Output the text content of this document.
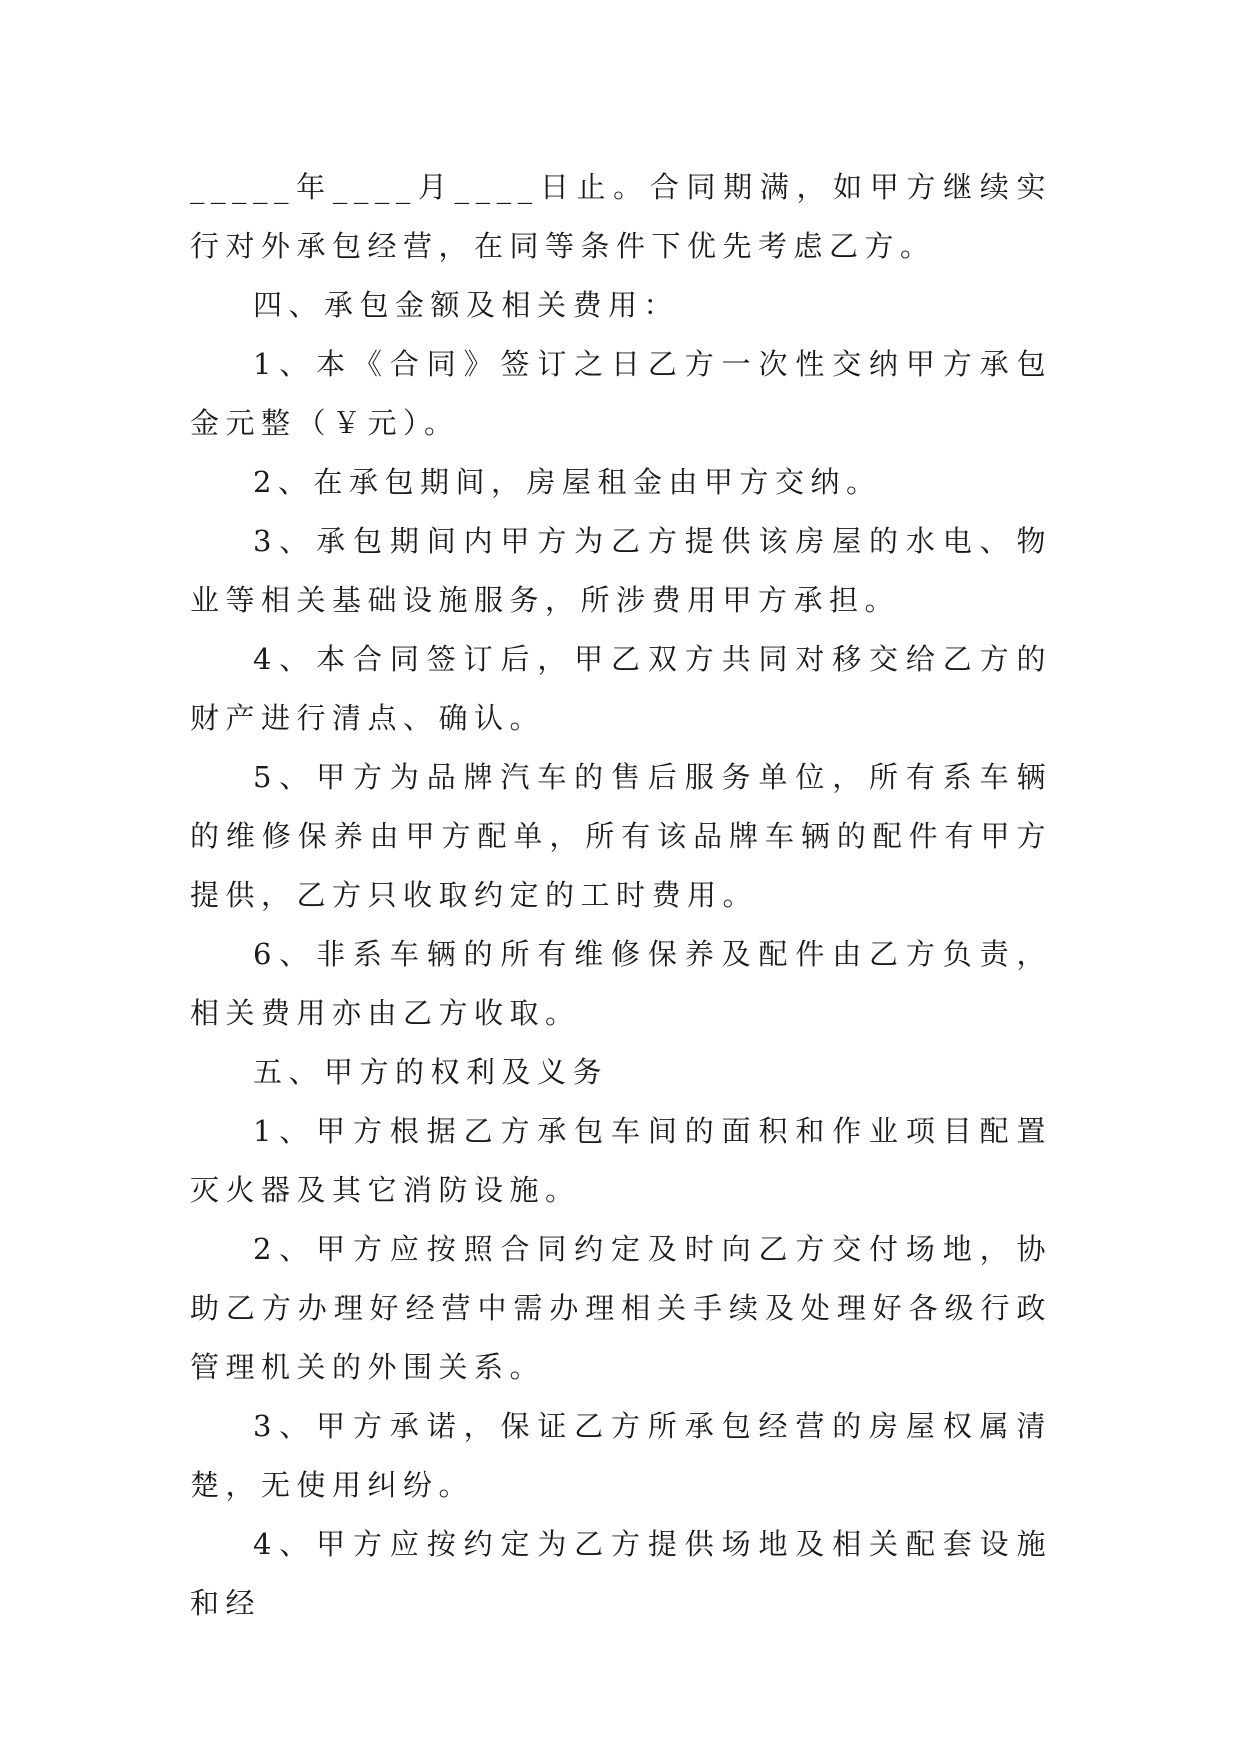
_____年____月____日止。合同期满，如甲方继续实行对外承包经营，在同等条件下优先考虑乙方。

四、承包金额及相关费用：

1、本《合同》签订之日乙方一次性交纳甲方承包金元整（￥元）。

2、在承包期间，房屋租金由甲方交纳。

3、承包期间内甲方为乙方提供该房屋的水电、物业等相关基础设施服务，所涉费用甲方承担。

4、本合同签订后，甲乙双方共同对移交给乙方的财产进行清点、确认。

5、甲方为品牌汽车的售后服务单位，所有系车辆的维修保养由甲方配单，所有该品牌车辆的配件有甲方提供，乙方只收取约定的工时费用。

6、非系车辆的所有维修保养及配件由乙方负责，相关费用亦由乙方收取。

五、甲方的权利及义务

1、甲方根据乙方承包车间的面积和作业项目配置灭火器及其它消防设施。

2、甲方应按照合同约定及时向乙方交付场地，协助乙方办理好经营中需办理相关手续及处理好各级行政管理机关的外围关系。

3、甲方承诺，保证乙方所承包经营的房屋权属清楚，无使用纠纷。

4、甲方应按约定为乙方提供场地及相关配套设施和经
